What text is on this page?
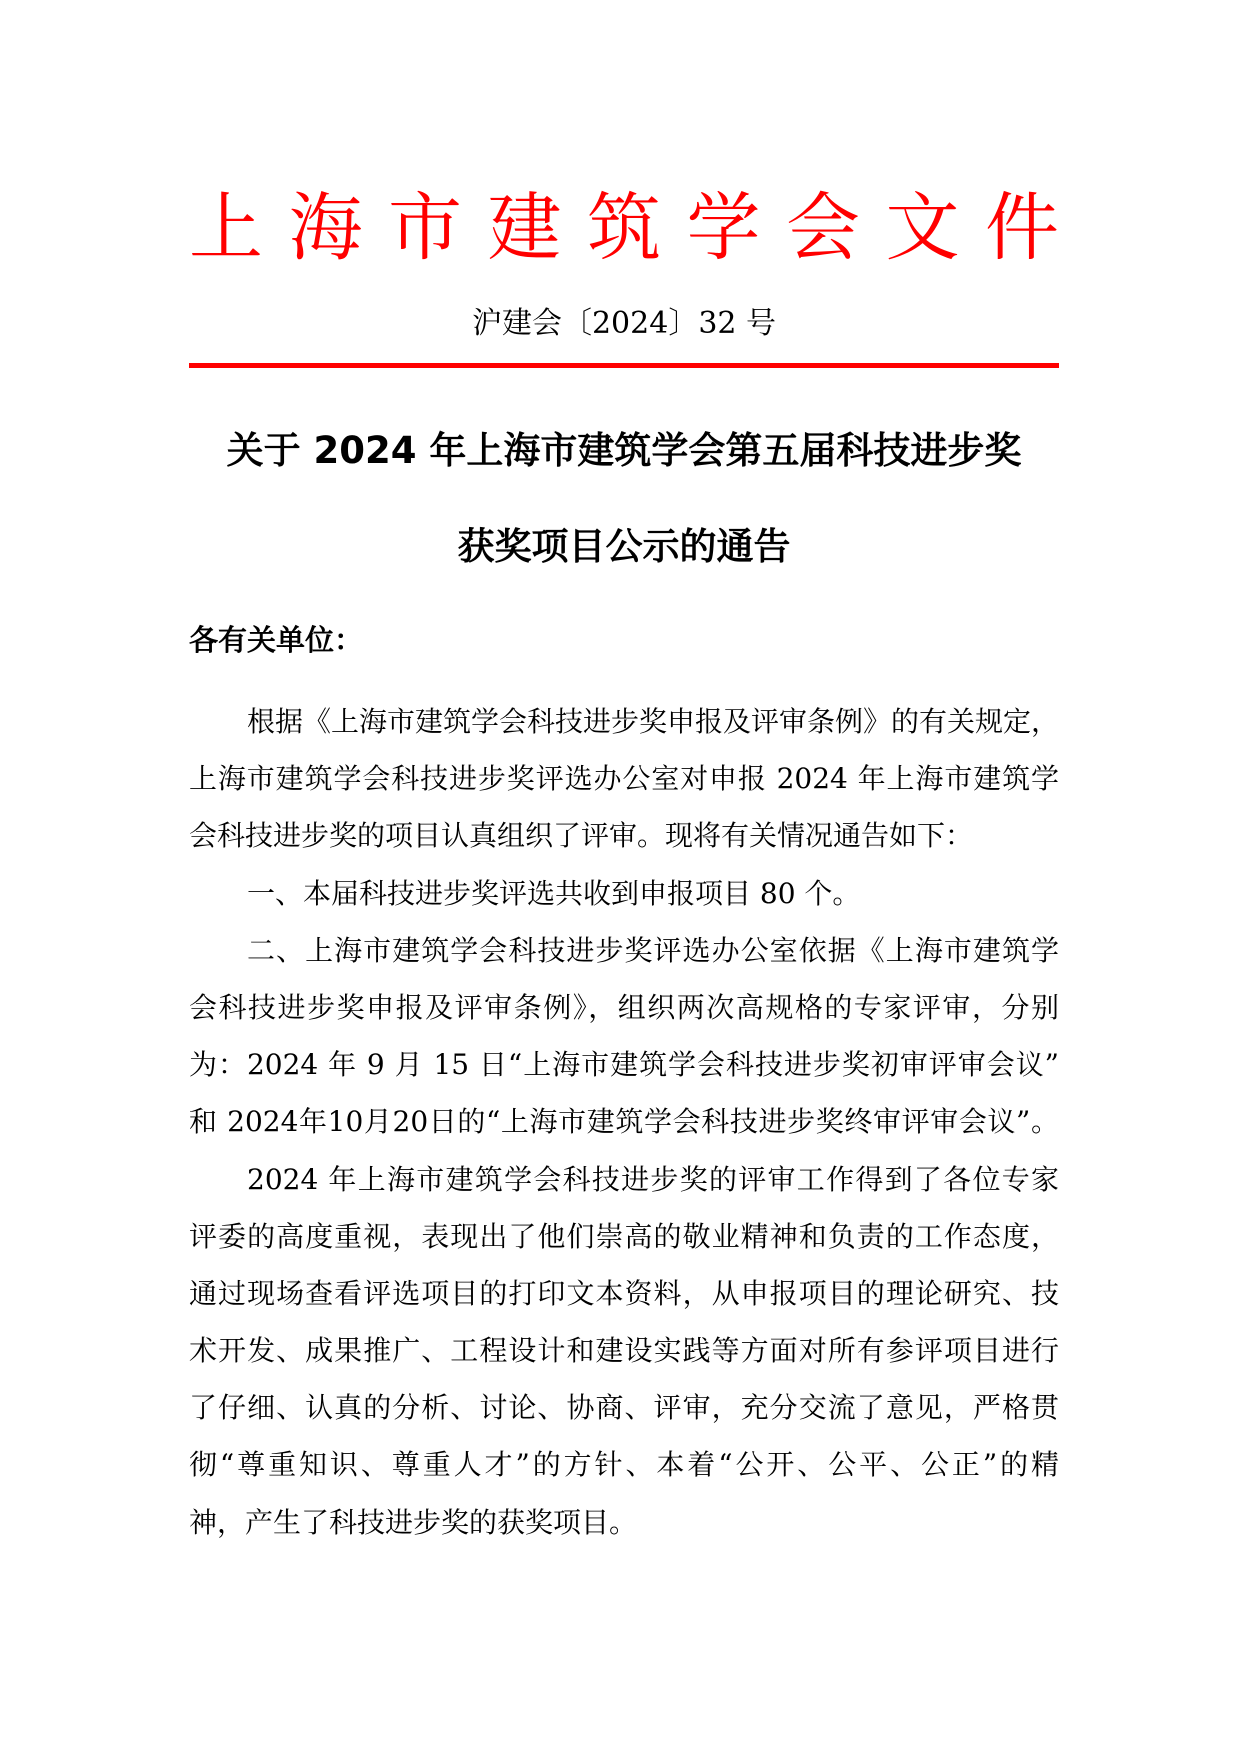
上 海 市 建 筑 学 会 文 件
沪建会〔2024〕32 号
关于 2024 年上海市建筑学会第五届科技进步奖
获奖项目公示的通告
各有关单位：
根据《上海市建筑学会科技进步奖申报及评审条例》的有关规定，
上海市建筑学会科技进步奖评选办公室对申报 2024 年上海市建筑学
会科技进步奖的项目认真组织了评审。现将有关情况通告如下：
一、本届科技进步奖评选共收到申报项目 80 个。
二、上海市建筑学会科技进步奖评选办公室依据《上海市建筑学
会科技进步奖申报及评审条例》，组织两次高规格的专家评审，分别
为：2024 年 9 月 15 日“上海市建筑学会科技进步奖初审评审会议”
和 2024年10月20日的“上海市建筑学会科技进步奖终审评审会议”。
2024 年上海市建筑学会科技进步奖的评审工作得到了各位专家
评委的高度重视，表现出了他们崇高的敬业精神和负责的工作态度，
通过现场查看评选项目的打印文本资料，从申报项目的理论研究、技
术开发、成果推广、工程设计和建设实践等方面对所有参评项目进行
了仔细、认真的分析、讨论、协商、评审，充分交流了意见，严格贯
彻“尊重知识、尊重人才”的方针、本着“公开、公平、公正”的精
神，产生了科技进步奖的获奖项目。
